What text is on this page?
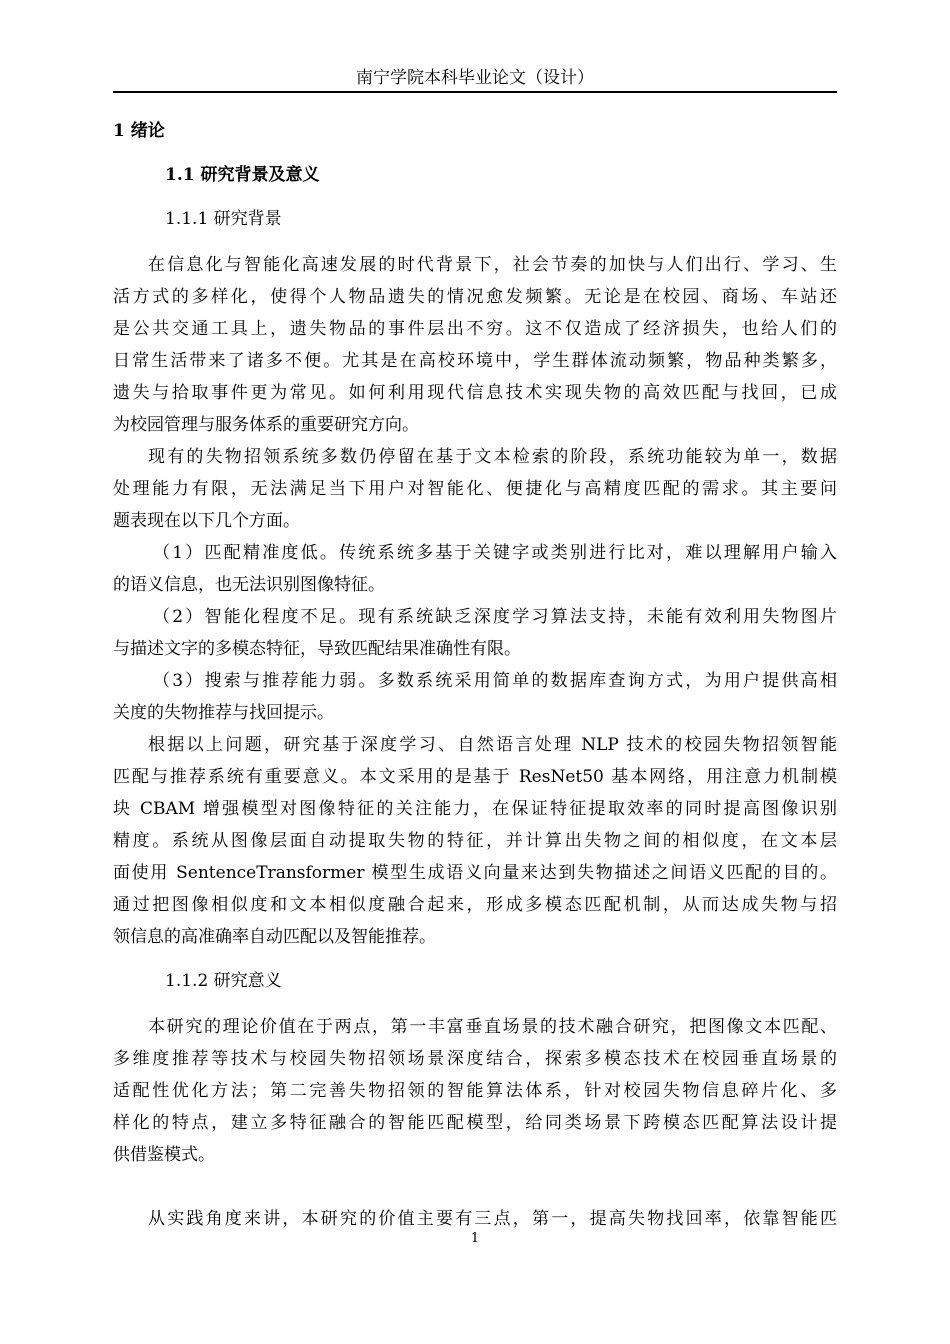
南宁学院本科毕业论文（设计）
1 绪论
1.1 研究背景及意义
1.1.1 研究背景
在信息化与智能化高速发展的时代背景下，社会节奏的加快与人们出行、学习、生
活方式的多样化，使得个人物品遗失的情况愈发频繁。无论是在校园、商场、车站还
是公共交通工具上，遗失物品的事件层出不穷。这不仅造成了经济损失，也给人们的
日常生活带来了诸多不便。尤其是在高校环境中，学生群体流动频繁，物品种类繁多，
遗失与拾取事件更为常见。如何利用现代信息技术实现失物的高效匹配与找回，已成
为校园管理与服务体系的重要研究方向。
现有的失物招领系统多数仍停留在基于文本检索的阶段，系统功能较为单一，数据
处理能力有限，无法满足当下用户对智能化、便捷化与高精度匹配的需求。其主要问
题表现在以下几个方面。
（1）匹配精准度低。传统系统多基于关键字或类别进行比对，难以理解用户输入
的语义信息，也无法识别图像特征。
（2）智能化程度不足。现有系统缺乏深度学习算法支持，未能有效利用失物图片
与描述文字的多模态特征，导致匹配结果准确性有限。
（3）搜索与推荐能力弱。多数系统采用简单的数据库查询方式，为用户提供高相
关度的失物推荐与找回提示。
根据以上问题，研究基于深度学习、自然语言处理 NLP 技术的校园失物招领智能
匹配与推荐系统有重要意义。本文采用的是基于 ResNet50 基本网络，用注意力机制模
块 CBAM 增强模型对图像特征的关注能力，在保证特征提取效率的同时提高图像识别
精度。系统从图像层面自动提取失物的特征，并计算出失物之间的相似度，在文本层
面使用 SentenceTransformer 模型生成语义向量来达到失物描述之间语义匹配的目的。
通过把图像相似度和文本相似度融合起来，形成多模态匹配机制，从而达成失物与招
领信息的高准确率自动匹配以及智能推荐。
1.1.2 研究意义
本研究的理论价值在于两点，第一丰富垂直场景的技术融合研究，把图像文本匹配、
多维度推荐等技术与校园失物招领场景深度结合，探索多模态技术在校园垂直场景的
适配性优化方法；第二完善失物招领的智能算法体系，针对校园失物信息碎片化、多
样化的特点，建立多特征融合的智能匹配模型，给同类场景下跨模态匹配算法设计提
供借鉴模式。
从实践角度来讲，本研究的价值主要有三点，第一，提高失物找回率，依靠智能匹
1
